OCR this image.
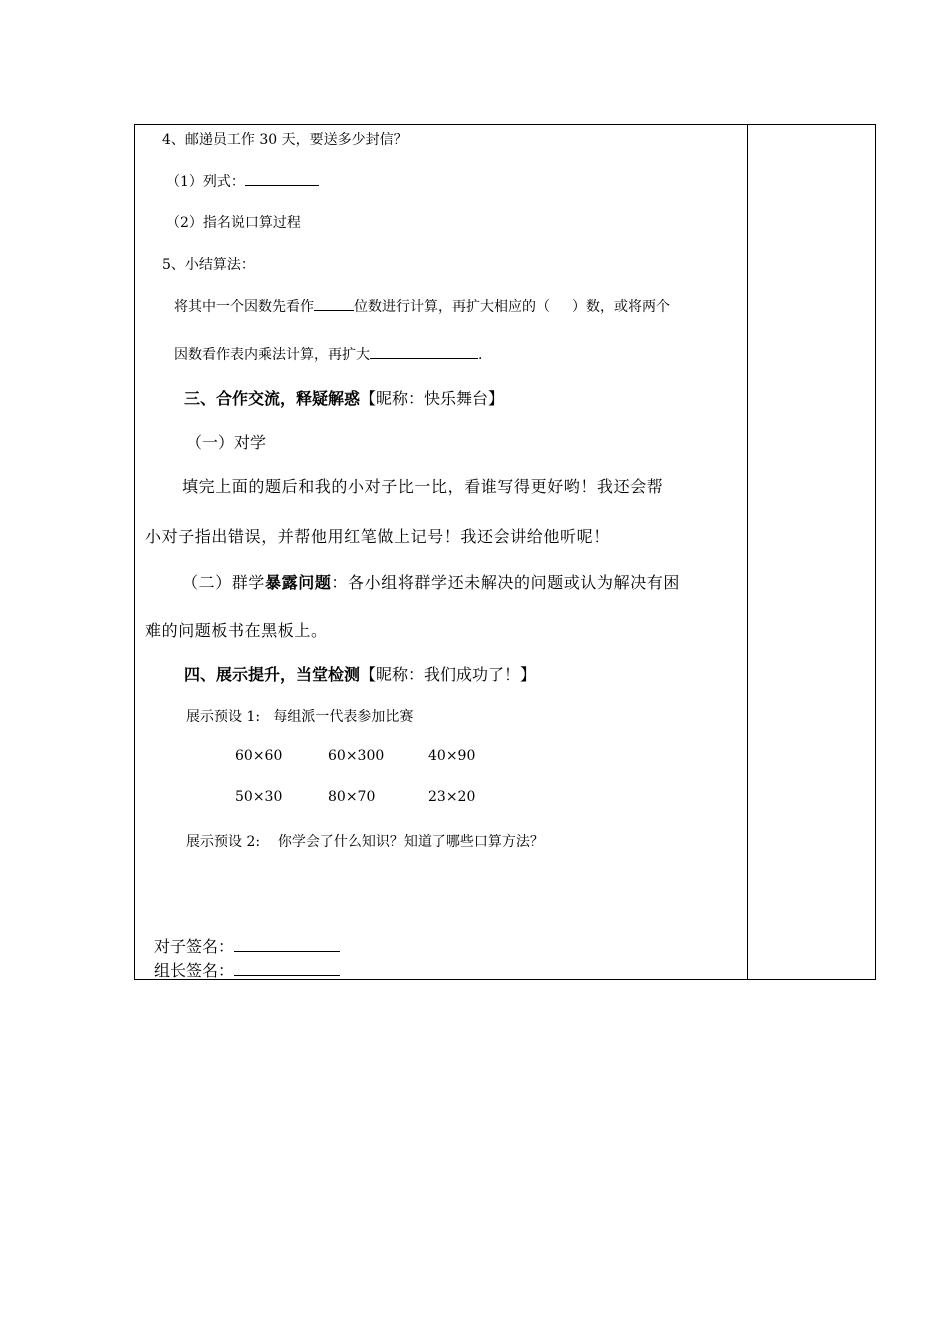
4、邮递员工作 30 天，要送多少封信？
（1）列式：
（2）指名说口算过程
5、小结算法：
将其中一个因数先看作	位数进行计算，再扩大相应的（ ）数，或将两个
因数看作表内乘法计算，再扩大	.
三、合作交流，释疑解惑【昵称：快乐舞台】
（一）对学
填完上面的题后和我的小对子比一比，看谁写得更好哟！我还会帮
小对子指出错误，并帮他用红笔做上记号！我还会讲给他听呢！
（二）群学暴露问题：各小组将群学还未解决的问题或认为解决有困
难的问题板书在黑板上。
四、展示提升，当堂检测【昵称：我们成功了！】
展示预设 1:   每组派一代表参加比赛
60×60	60×300	40×90
50×30	80×70	23×20
展示预设 2:    你学会了什么知识？知道了哪些口算方法？
对子签名：
组长签名：
